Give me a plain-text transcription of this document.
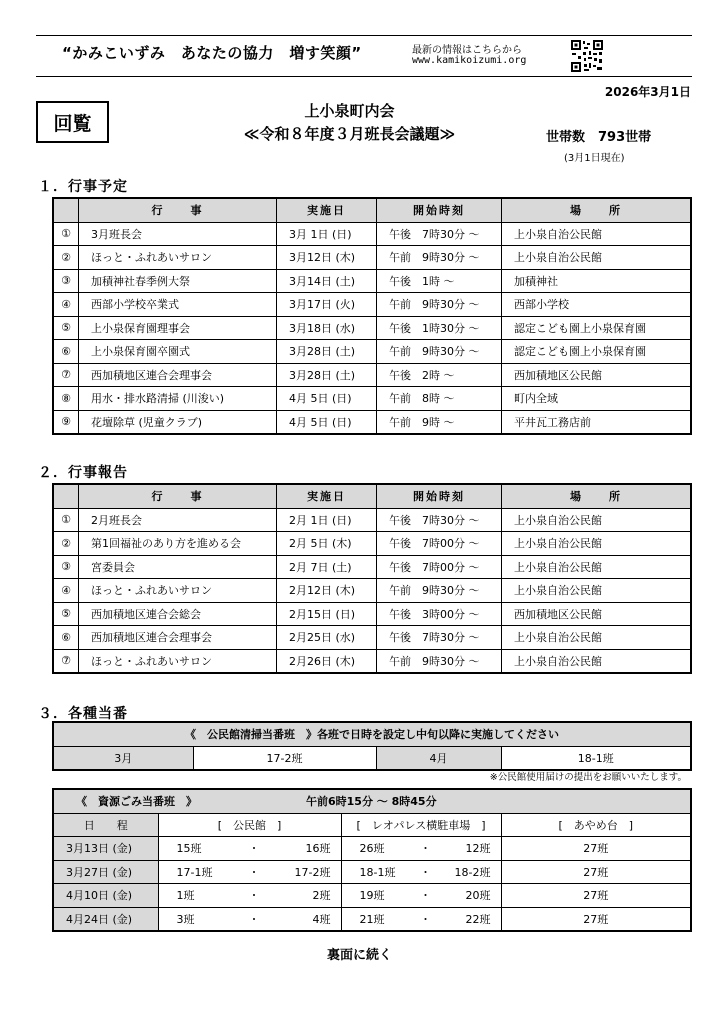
“かみこいずみ　あなたの協力　増す笑顔”	最新の情報はこちらから
www.kamikoizumi.org
2026年3月1日
回覧
上小泉町内会
≪令和８年度３月班長会議題≫	世帯数　793世帯
(3月1日現在)
１．行事予定
	行　　事	実施日	開始時刻	場　　所
①	3月班長会	3月 1日 (日)	午後　7時30分 ～	上小泉自治公民館
②	ほっと・ふれあいサロン	3月12日 (木)	午前　9時30分 ～	上小泉自治公民館
③	加積神社春季例大祭	3月14日 (土)	午後　1時 ～	加積神社
④	西部小学校卒業式	3月17日 (火)	午前　9時30分 ～	西部小学校
⑤	上小泉保育園理事会	3月18日 (水)	午後　1時30分 ～	認定こども園上小泉保育園
⑥	上小泉保育園卒園式	3月28日 (土)	午前　9時30分 ～	認定こども園上小泉保育園
⑦	西加積地区連合会理事会	3月28日 (土)	午後　2時 ～	西加積地区公民館
⑧	用水・排水路清掃 (川浚い)	4月 5日 (日)	午前　8時 ～	町内全域
⑨	花壇除草 (児童クラブ)	4月 5日 (日)	午前　9時 ～	平井瓦工務店前
２．行事報告
	行　　事	実施日	開始時刻	場　　所
①	2月班長会	2月 1日 (日)	午後　7時30分 ～	上小泉自治公民館
②	第1回福祉のあり方を進める会	2月 5日 (木)	午後　7時00分 ～	上小泉自治公民館
③	宮委員会	2月 7日 (土)	午後　7時00分 ～	上小泉自治公民館
④	ほっと・ふれあいサロン	2月12日 (木)	午前　9時30分 ～	上小泉自治公民館
⑤	西加積地区連合会総会	2月15日 (日)	午後　3時00分 ～	西加積地区公民館
⑥	西加積地区連合会理事会	2月25日 (水)	午後　7時30分 ～	上小泉自治公民館
⑦	ほっと・ふれあいサロン	2月26日 (木)	午前　9時30分 ～	上小泉自治公民館
３．各種当番
《　公民館清掃当番班　》各班で日時を設定し中旬以降に実施してください
3月	17-2班	4月	18-1班
※公民館使用届けの提出をお願いいたします。
《　資源ごみ当番班　》 午前6時15分 ～ 8時45分			
日　　程	[　公民館　]	[　レオパレス横駐車場　]	[　あやめ台　]
3月13日 (金)	15班 ・ 16班	26班 ・ 12班	27班
3月27日 (金)	17-1班 ・ 17-2班	18-1班 ・ 18-2班	27班
4月10日 (金)	1班 ・ 2班	19班 ・ 20班	27班
4月24日 (金)	3班 ・ 4班	21班 ・ 22班	27班
裏面に続く
